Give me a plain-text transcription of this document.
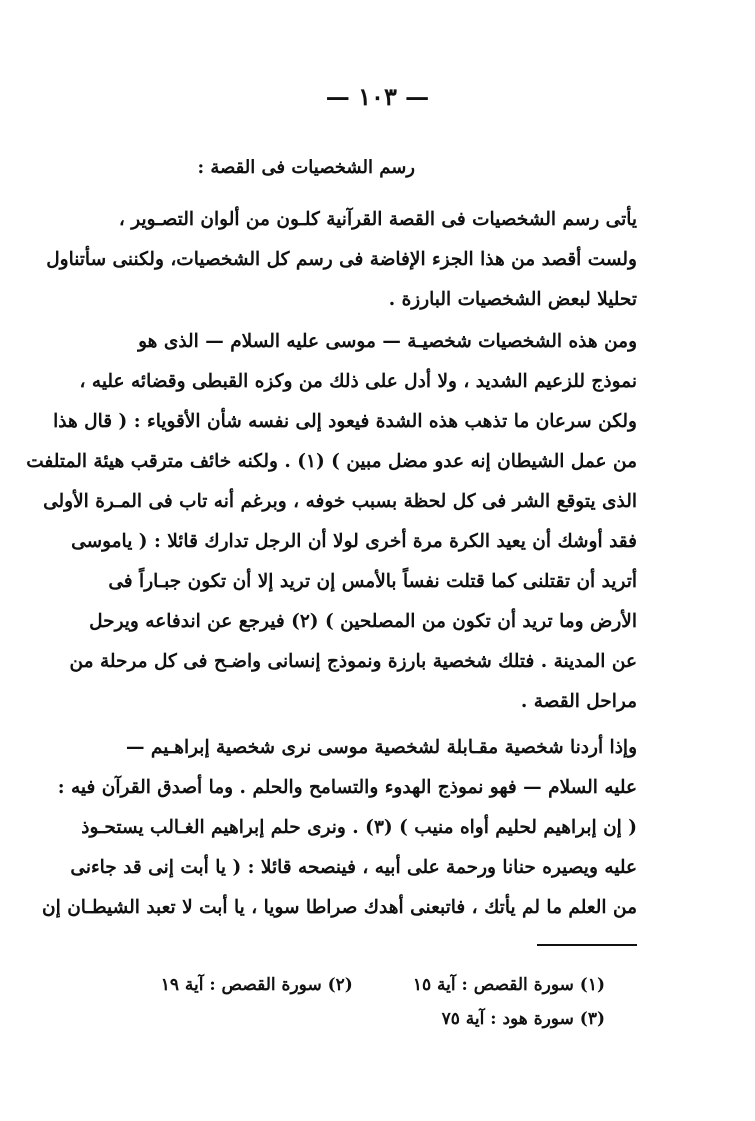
— ١٠٣ —
رسم الشخصيات فى القصة :
يأتى رسم الشخصيات فى القصة القرآنية كلـون من ألوان التصـوير ،
ولست أقصد من هذا الجزء الإفاضة فى رسم كل الشخصيات، ولكننى سأتناول
تحليلا لبعض الشخصيات البارزة .
ومن هذه الشخصيات شخصيـة — موسى عليه السلام — الذى هو
نموذج للزعيم الشديد ، ولا أدل على ذلك من وكزه القبطى وقضائه عليه ،
ولكن سرعان ما تذهب هذه الشدة فيعود إلى نفسه شأن الأقوياء : ( قال هذا
من عمل الشيطان إنه عدو مضل مبين ) (١) . ولكنه خائف مترقب هيئة المتلفت
الذى يتوقع الشر فى كل لحظة بسبب خوفه ، وبرغم أنه تاب فى المـرة الأولى
فقد أوشك أن يعيد الكرة مرة أخرى لولا أن الرجل تدارك قائلا : ( ياموسى
أتريد أن تقتلنى كما قتلت نفساً بالأمس إن تريد إلا أن تكون جبـاراً فى
الأرض وما تريد أن تكون من المصلحين ) (٢) فيرجع عن اندفاعه ويرحل
عن المدينة . فتلك شخصية بارزة ونموذج إنسانى واضـح فى كل مرحلة من
مراحل القصة .
وإذا أردنا شخصية مقـابلة لشخصية موسى نرى شخصية إبراهـيم —
عليه السلام — فهو نموذج الهدوء والتسامح والحلم . وما أصدق القرآن فيه :
( إن إبراهيم لحليم أواه منيب ) (٣) . ونرى حلم إبراهيم الغـالب يستحـوذ
عليه ويصيره حنانا ورحمة على أبيه ، فينصحه قائلا : ( يا أبت إنى قد جاءنى
من العلم ما لم يأتك ، فاتبعنى أهدك صراطا سويا ، يا أبت لا تعبد الشيطـان إن
(١) سورة القصص : آية ١٥
(٢) سورة القصص : آية ١٩
(٣) سورة هود : آية ٧٥
